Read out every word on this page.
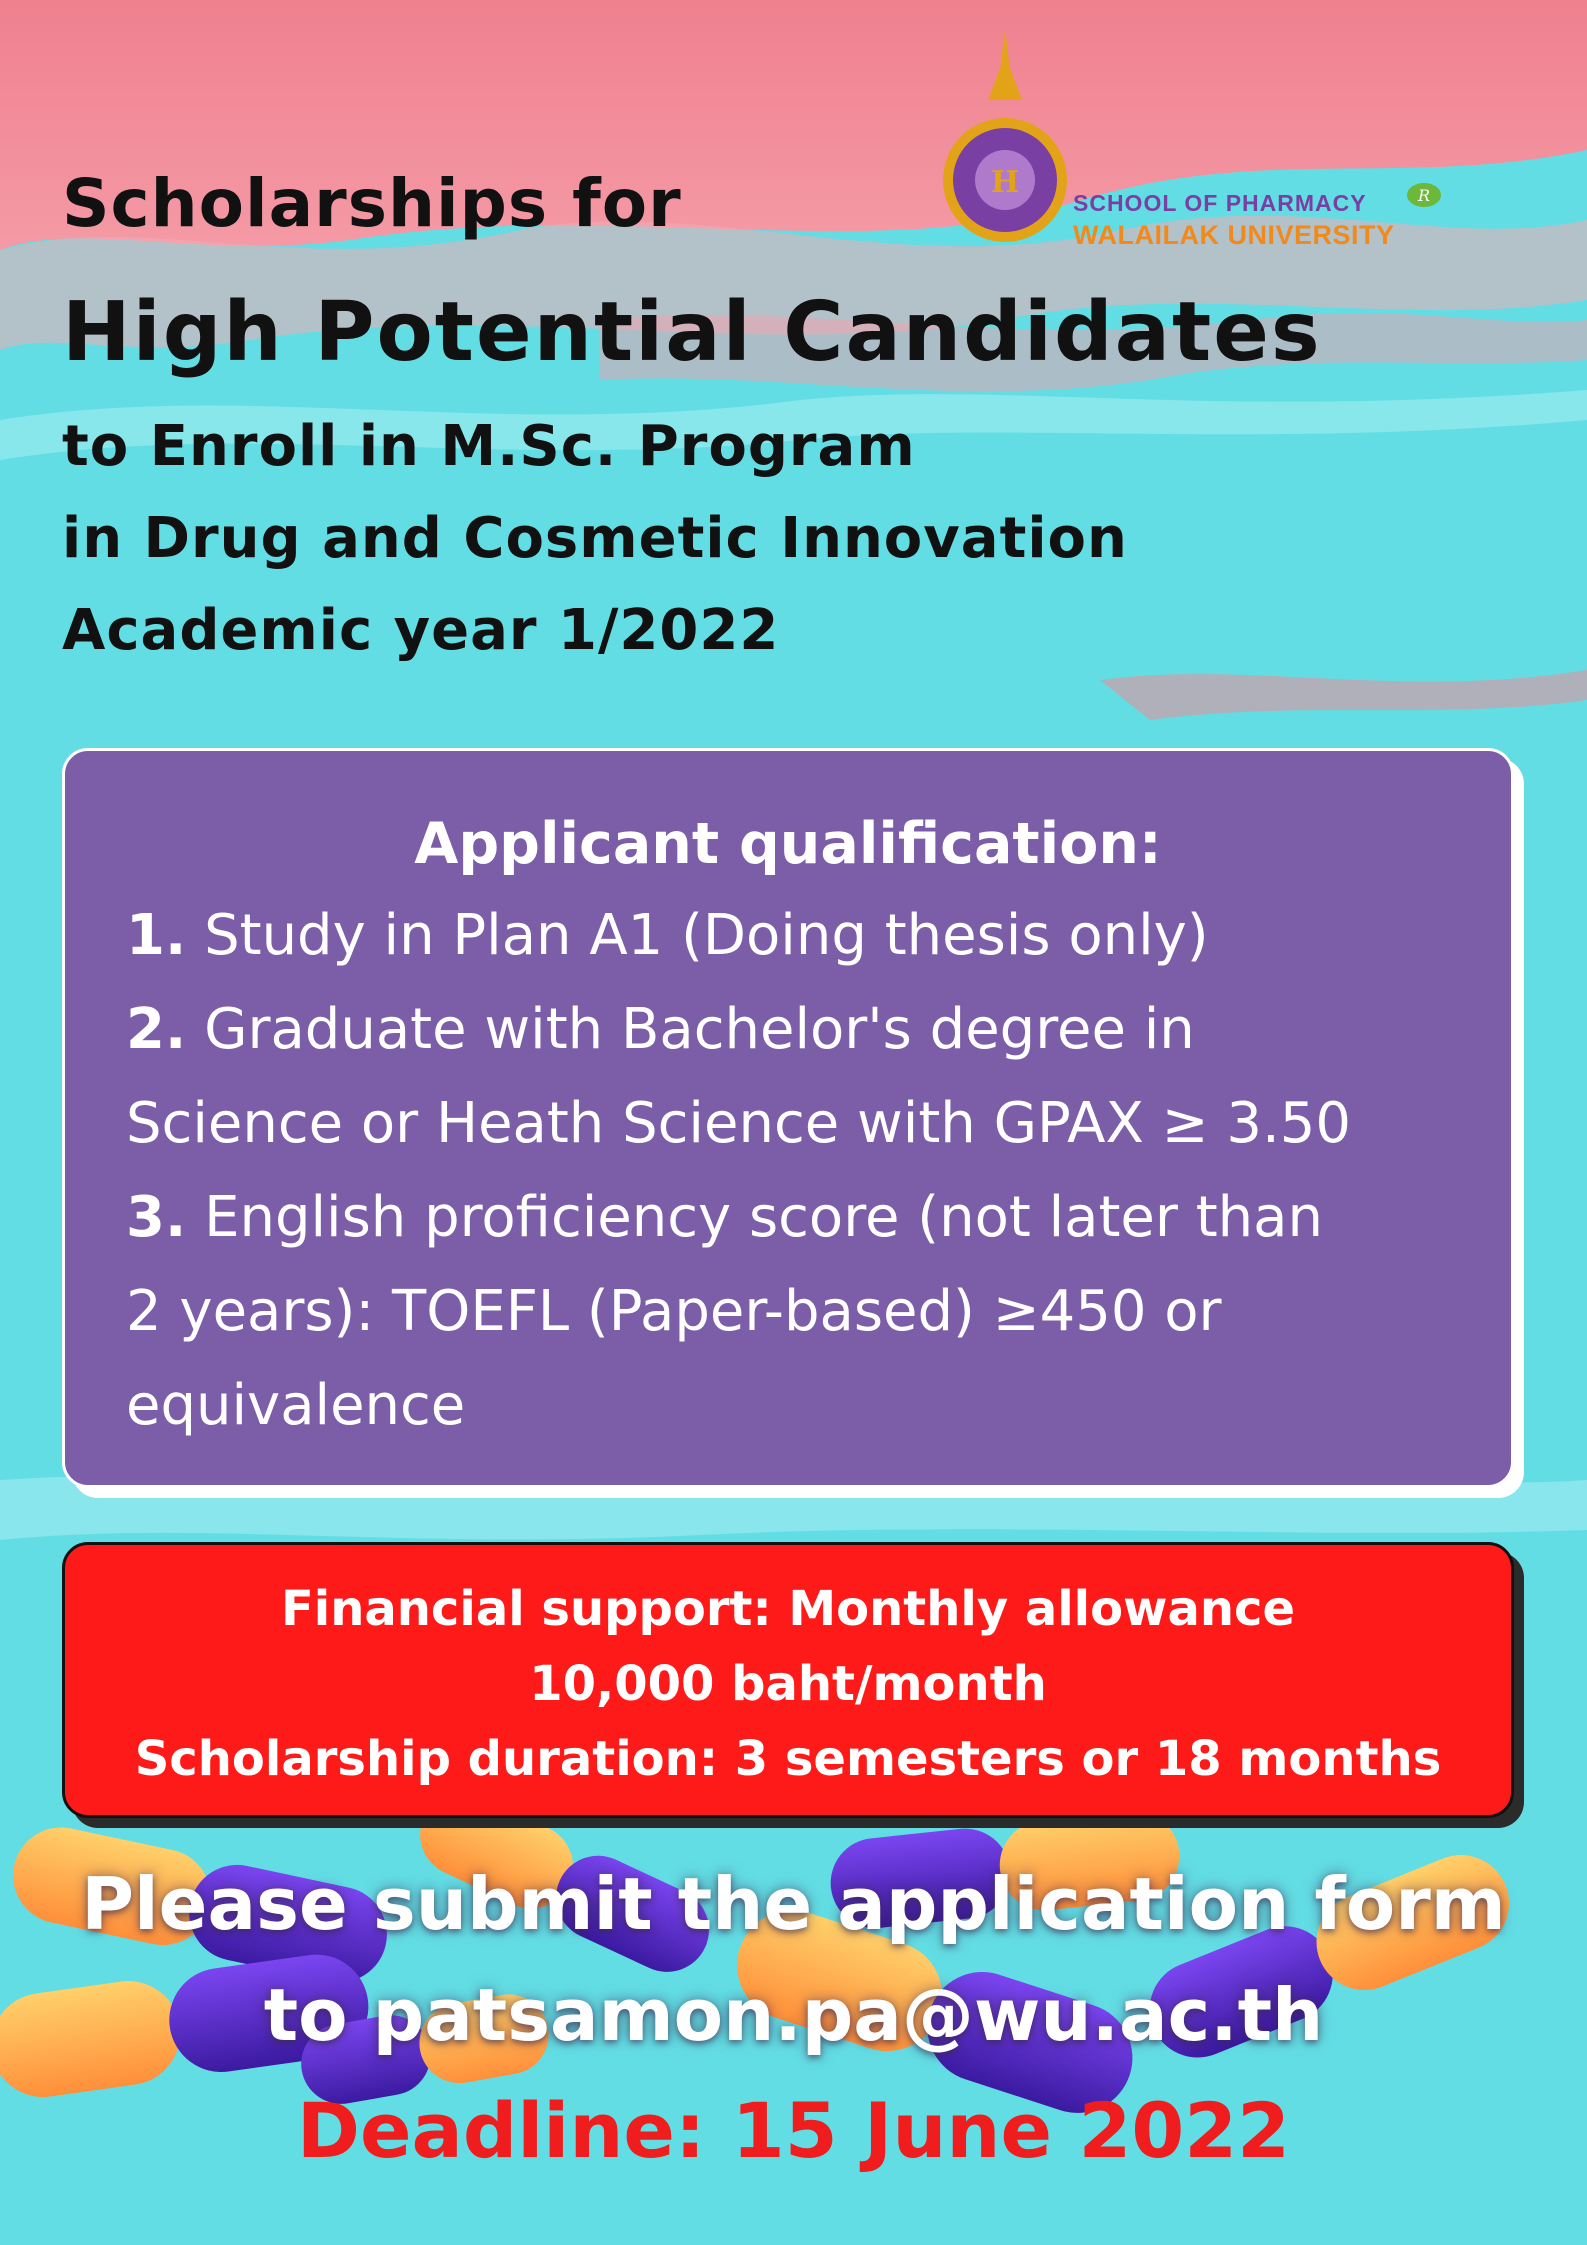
H
SCHOOL OF PHARMACY
WALAILAK UNIVERSITY
R
Scholarships for
High Potential Candidates
to Enroll in M.Sc. Program
in Drug and Cosmetic Innovation
Academic year 1/2022
Applicant qualification:
1. Study in Plan A1 (Doing thesis only)
2. Graduate with Bachelor's degree in
Science or Heath Science with GPAX ≥ 3.50
3. English proficiency score (not later than
2 years): TOEFL (Paper-based) ≥450 or
equivalence
Financial support: Monthly allowance
10,000 baht/month
Scholarship duration: 3 semesters or 18 months
Please submit the application form
to patsamon.pa@wu.ac.th
Deadline: 15 June 2022
